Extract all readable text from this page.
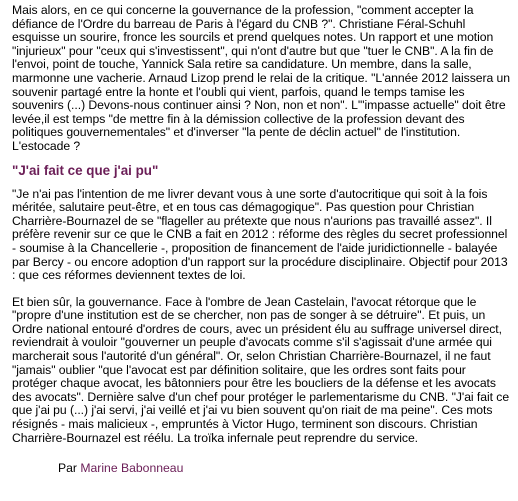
Mais alors, en ce qui concerne la gouvernance de la profession, "comment accepter la défiance de l'Ordre du barreau de Paris à l'égard du CNB ?". Christiane Féral-Schuhl esquisse un sourire, fronce les sourcils et prend quelques notes. Un rapport et une motion "injurieux" pour "ceux qui s'investissent", qui n'ont d'autre but que "tuer le CNB". A la fin de l'envoi, point de touche, Yannick Sala retire sa candidature. Un membre, dans la salle, marmonne une vacherie. Arnaud Lizop prend le relai de la critique. "L'année 2012 laissera un souvenir partagé entre la honte et l'oubli qui vient, parfois, quand le temps tamise les souvenirs (...) Devons-nous continuer ainsi ? Non, non et non". L'"impasse actuelle" doit être levée,il est temps "de mettre fin à la démission collective de la profession devant des politiques gouvernementales" et d'inverser "la pente de déclin actuel" de l'institution. L'estocade ?

"J'ai fait ce que j'ai pu"

"Je n'ai pas l'intention de me livrer devant vous à une sorte d'autocritique qui soit à la fois méritée, salutaire peut-être, et en tous cas démagogique". Pas question pour Christian Charrière-Bournazel de se "flageller au prétexte que nous n'aurions pas travaillé assez". Il préfère revenir sur ce que le CNB a fait en 2012 : réforme des règles du secret professionnel - soumise à la Chancellerie -, proposition de financement de l'aide juridictionnelle - balayée par Bercy - ou encore adoption d'un rapport sur la procédure disciplinaire. Objectif pour 2013 : que ces réformes deviennent textes de loi.

Et bien sûr, la gouvernance. Face à l'ombre de Jean Castelain, l'avocat rétorque que le "propre d'une institution est de se chercher, non pas de songer à se détruire". Et puis, un Ordre national entouré d'ordres de cours, avec un président élu au suffrage universel direct, reviendrait à vouloir "gouverner un peuple d'avocats comme s'il s'agissait d'une armée qui marcherait sous l'autorité d'un général". Or, selon Christian Charrière-Bournazel, il ne faut "jamais" oublier "que l'avocat est par définition solitaire, que les ordres sont faits pour protéger chaque avocat, les bâtonniers pour être les boucliers de la défense et les avocats des avocats". Dernière salve d'un chef pour protéger le parlementarisme du CNB. "J'ai fait ce que j'ai pu (...) j'ai servi, j'ai veillé et j'ai vu bien souvent qu'on riait de ma peine". Ces mots résignés - mais malicieux -, empruntés à Victor Hugo, terminent son discours. Christian Charrière-Bournazel est réélu. La troïka infernale peut reprendre du service.

Par Marine Babonneau
